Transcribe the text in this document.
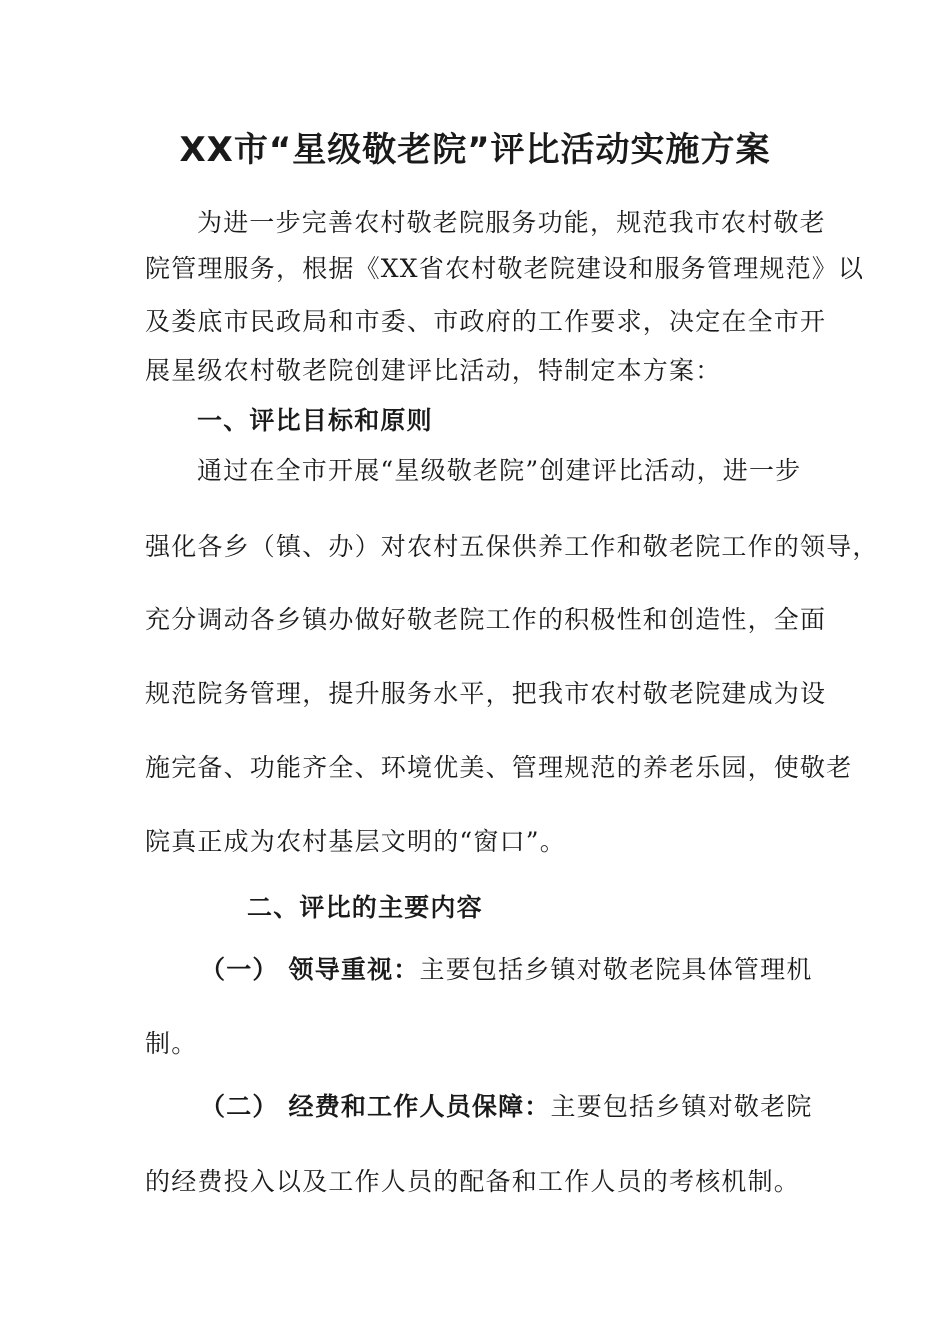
XX市“星级敬老院”评比活动实施方案

为进一步完善农村敬老院服务功能，规范我市农村敬老

院管理服务，根据《XX省农村敬老院建设和服务管理规范》以

及娄底市民政局和市委、市政府的工作要求，决定在全市开

展星级农村敬老院创建评比活动，特制定本方案：

一、评比目标和原则

通过在全市开展“星级敬老院”创建评比活动，进一步

强化各乡（镇、办）对农村五保供养工作和敬老院工作的领导，

充分调动各乡镇办做好敬老院工作的积极性和创造性，全面

规范院务管理，提升服务水平，把我市农村敬老院建成为设

施完备、功能齐全、环境优美、管理规范的养老乐园，使敬老

院真正成为农村基层文明的“窗口”。

二、评比的主要内容

（一） 领导重视：主要包括乡镇对敬老院具体管理机

制。

（二） 经费和工作人员保障：主要包括乡镇对敬老院

的经费投入以及工作人员的配备和工作人员的考核机制。
